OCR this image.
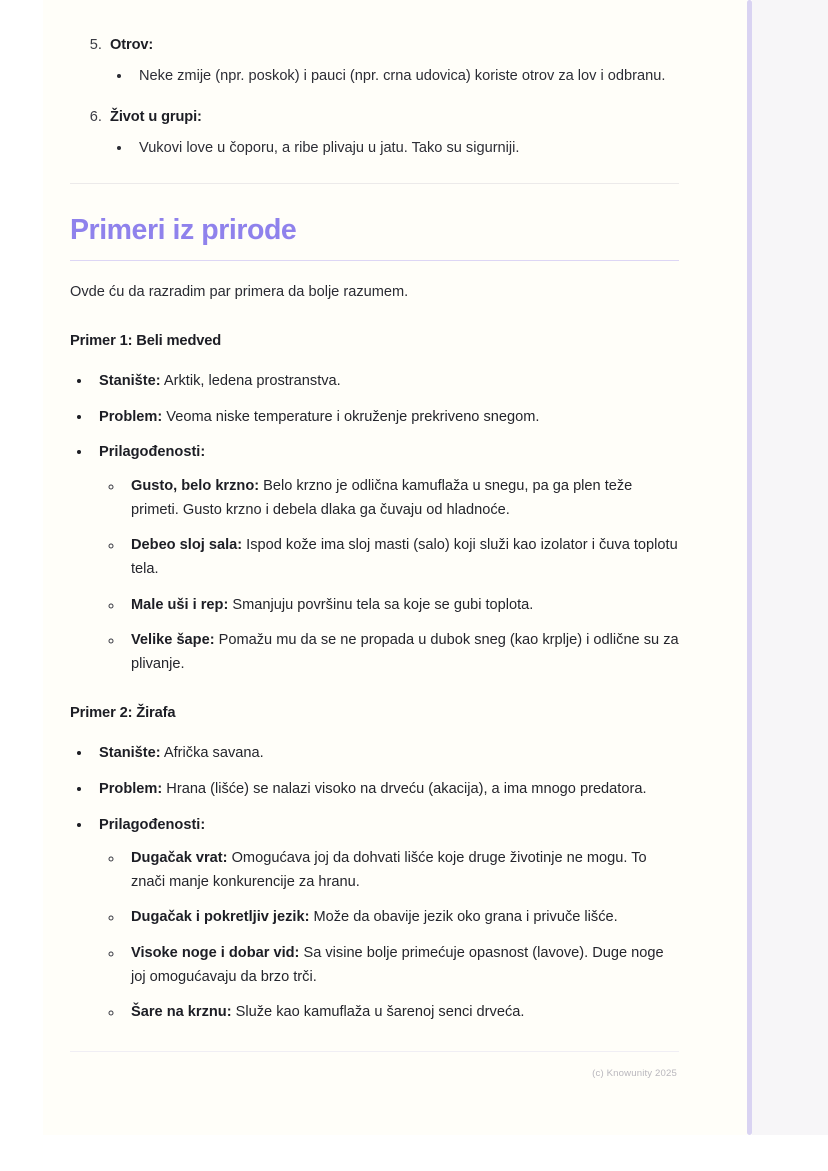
5. Otrov:
• Neke zmije (npr. poskok) i pauci (npr. crna udovica) koriste otrov za lov i odbranu.
6. Život u grupi:
• Vukovi love u čoporu, a ribe plivaju u jatu. Tako su sigurniji.
Primeri iz prirode

Ovde ću da razradim par primera da bolje razumem.

Primer 1: Beli medved
• Stanište: Arktik, ledena prostranstva.
• Problem: Veoma niske temperature i okruženje prekriveno snegom.
• Prilagođenosti:
◦ Gusto, belo krzno: Belo krzno je odlična kamuflaža u snegu, pa ga plen teže primeti. Gusto krzno i debela dlaka ga čuvaju od hladnoće.
◦ Debeo sloj sala: Ispod kože ima sloj masti (salo) koji služi kao izolator i čuva toplotu tela.
◦ Male uši i rep: Smanjuju površinu tela sa koje se gubi toplota.
◦ Velike šape: Pomažu mu da se ne propada u dubok sneg (kao krplje) i odlične su za plivanje.
Primer 2: Žirafa
• Stanište: Afrička savana.
• Problem: Hrana (lišće) se nalazi visoko na drveću (akacija), a ima mnogo predatora.
• Prilagođenosti:
◦ Dugačak vrat: Omogućava joj da dohvati lišće koje druge životinje ne mogu. To znači manje konkurencije za hranu.
◦ Dugačak i pokretljiv jezik: Može da obavije jezik oko grana i privuče lišće.
◦ Visoke noge i dobar vid: Sa visine bolje primećuje opasnost (lavove). Duge noge joj omogućavaju da brzo trči.
◦ Šare na krznu: Služe kao kamuflaža u šarenoj senci drveća.
(c) Knowunity 2025
